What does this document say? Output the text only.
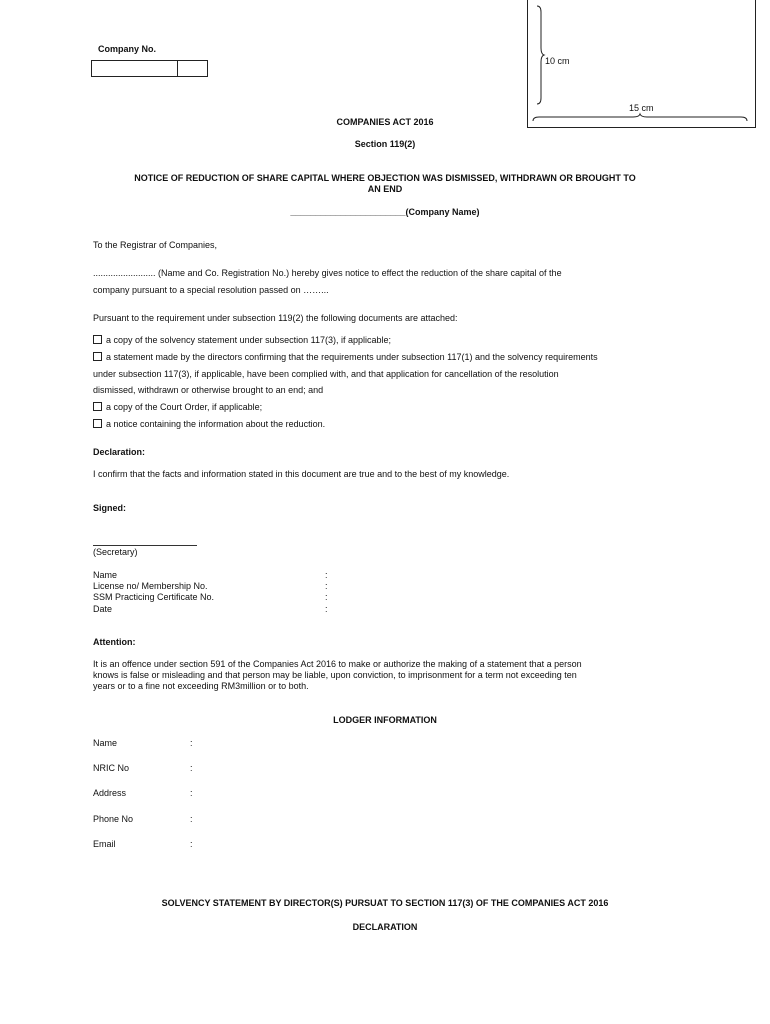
10 cm
15 cm
Company No.
COMPANIES ACT 2016
Section 119(2)
NOTICE OF REDUCTION OF SHARE CAPITAL WHERE OBJECTION WAS DISMISSED, WITHDRAWN OR BROUGHT TO
AN END
_______________________(Company Name)
To the Registrar of Companies,
......................... (Name and Co. Registration No.) hereby gives notice to effect the reduction of the share capital of the
company pursuant to a special resolution passed on ……...
Pursuant to the requirement under subsection 119(2) the following documents are attached:
a copy of the solvency statement under subsection 117(3), if applicable;
a statement made by the directors confirming that the requirements under subsection 117(1) and the solvency requirements
under subsection 117(3), if applicable, have been complied with, and that application for cancellation of the resolution
dismissed, withdrawn or otherwise brought to an end; and
a copy of the Court Order, if applicable;
a notice containing the information about the reduction.
Declaration:
I confirm that the facts and information stated in this document are true and to the best of my knowledge.
Signed:
(Secretary)
Name	:
License no/ Membership No.	:
SSM Practicing Certificate No.	:
Date	:
Attention:
It is an offence under section 591 of the Companies Act 2016 to make or authorize the making of a statement that a person
knows is false or misleading and that person may be liable, upon conviction, to imprisonment for a term not exceeding ten
years or to a fine not exceeding RM3million or to both.
LODGER INFORMATION
Name	:
NRIC No	:
Address	:
Phone No	:
Email	:
SOLVENCY STATEMENT BY DIRECTOR(S) PURSUAT TO SECTION 117(3) OF THE COMPANIES ACT 2016
DECLARATION
